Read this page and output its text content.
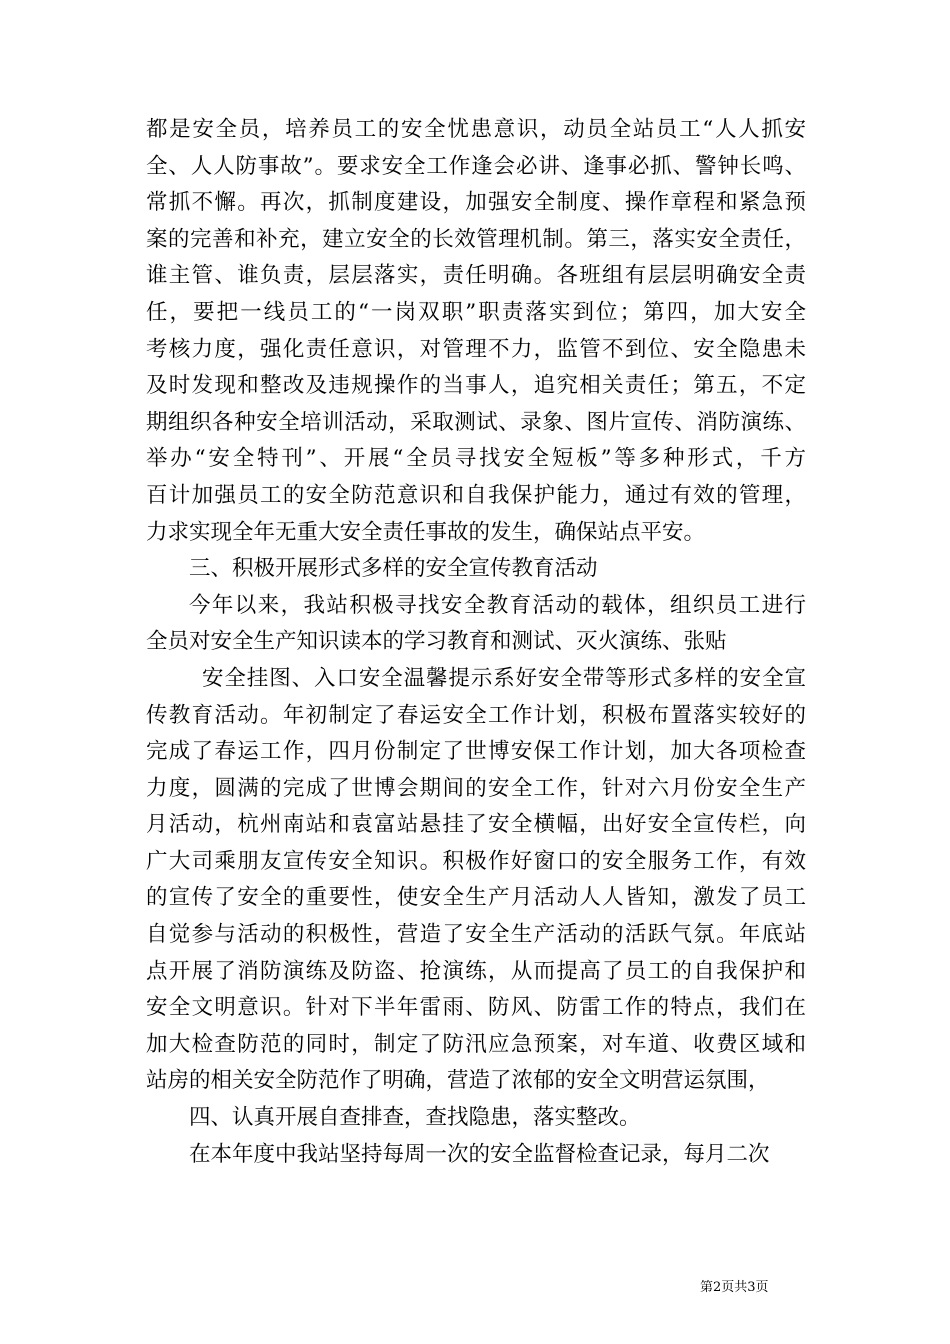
都是安全员，培养员工的安全忧患意识，动员全站员工“人人抓安
全、人人防事故”。要求安全工作逢会必讲、逢事必抓、警钟长鸣、
常抓不懈。再次，抓制度建设，加强安全制度、操作章程和紧急预
案的完善和补充，建立安全的长效管理机制。第三，落实安全责任，
谁主管、谁负责，层层落实，责任明确。各班组有层层明确安全责
任，要把一线员工的“一岗双职”职责落实到位；第四，加大安全
考核力度，强化责任意识，对管理不力，监管不到位、安全隐患未
及时发现和整改及违规操作的当事人，追究相关责任；第五，不定
期组织各种安全培训活动，采取测试、录象、图片宣传、消防演练、
举办“安全特刊”、开展“全员寻找安全短板”等多种形式，千方
百计加强员工的安全防范意识和自我保护能力，通过有效的管理，
力求实现全年无重大安全责任事故的发生，确保站点平安。
三、积极开展形式多样的安全宣传教育活动
今年以来，我站积极寻找安全教育活动的载体，组织员工进行
全员对安全生产知识读本的学习教育和测试、灭火演练、张贴
安全挂图、入口安全温馨提示系好安全带等形式多样的安全宣
传教育活动。年初制定了春运安全工作计划，积极布置落实较好的
完成了春运工作，四月份制定了世博安保工作计划，加大各项检查
力度，圆满的完成了世博会期间的安全工作，针对六月份安全生产
月活动，杭州南站和袁富站悬挂了安全横幅，出好安全宣传栏，向
广大司乘朋友宣传安全知识。积极作好窗口的安全服务工作，有效
的宣传了安全的重要性，使安全生产月活动人人皆知，激发了员工
自觉参与活动的积极性，营造了安全生产活动的活跃气氛。年底站
点开展了消防演练及防盗、抢演练，从而提高了员工的自我保护和
安全文明意识。针对下半年雷雨、防风、防雷工作的特点，我们在
加大检查防范的同时，制定了防汛应急预案，对车道、收费区域和
站房的相关安全防范作了明确，营造了浓郁的安全文明营运氛围，
四、认真开展自查排查，查找隐患，落实整改。
在本年度中我站坚持每周一次的安全监督检查记录，每月二次
第2页共3页
